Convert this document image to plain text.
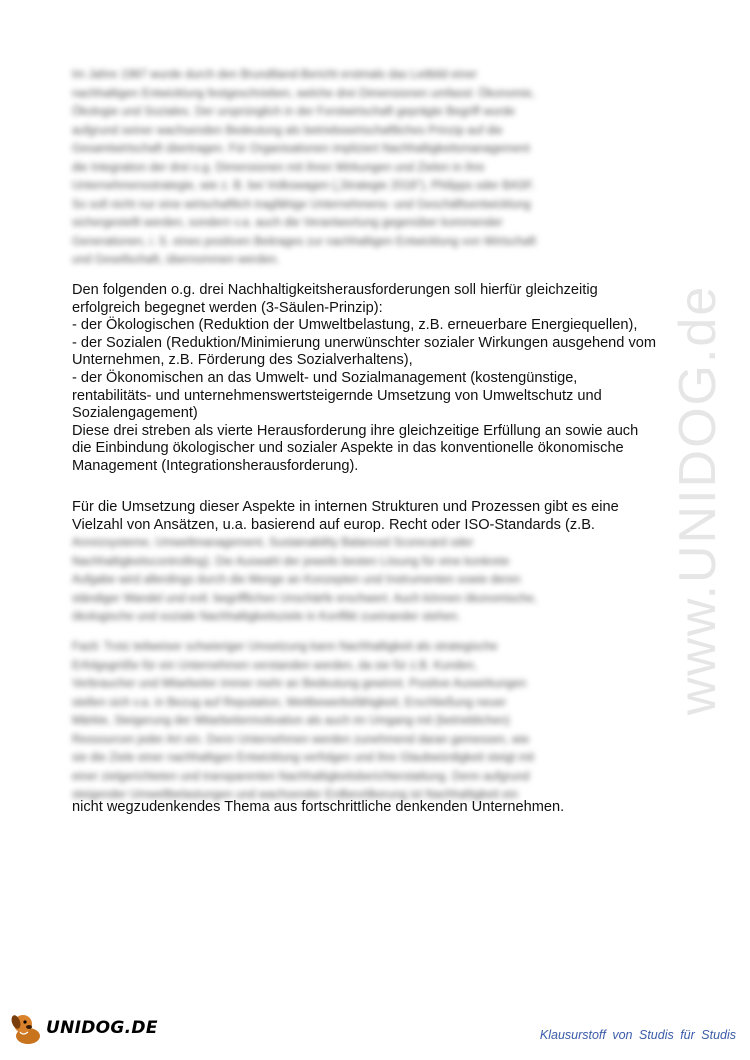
Im Jahre 1987 wurde durch den Brundtland-Bericht erstmals das Leitbild einer
nachhaltigen Entwicklung festgeschrieben, welche drei Dimensionen umfasst: Ökonomie,
Ökologie und Soziales. Der ursprünglich in der Forstwirtschaft geprägte Begriff wurde
aufgrund seiner wachsenden Bedeutung als betriebswirtschaftliches Prinzip auf die
Gesamtwirtschaft übertragen. Für Organisationen impliziert Nachhaltigkeitsmanagement
die Integration der drei o.g. Dimensionen mit ihren Wirkungen und Zielen in ihre
Unternehmensstrategie, wie z. B. bei Volkswagen („Strategie 2018"), Philipps oder BASF.
So soll nicht nur eine wirtschaftlich tragfähige Unternehmens- und Geschäftsentwicklung
sichergestellt werden, sondern v.a. auch die Verantwortung gegenüber kommender
Generationen, i. S. eines positiven Beitrages zur nachhaltigen Entwicklung von Wirtschaft
und Gesellschaft, übernommen werden.
Den folgenden o.g. drei Nachhaltigkeitsherausforderungen soll hierfür gleichzeitig
erfolgreich begegnet werden (3-Säulen-Prinzip):
- der Ökologischen (Reduktion der Umweltbelastung, z.B. erneuerbare Energiequellen),
- der Sozialen (Reduktion/Minimierung unerwünschter sozialer Wirkungen ausgehend vom
Unternehmen, z.B. Förderung des Sozialverhaltens),
- der Ökonomischen an das Umwelt- und Sozialmanagement (kostengünstige,
rentabilitäts- und unternehmenswertsteigernde Umsetzung von Umweltschutz und
Sozialengagement)
Diese drei streben als vierte Herausforderung ihre gleichzeitige Erfüllung an sowie auch
die Einbindung ökologischer und sozialer Aspekte in das konventionelle ökonomische
Management (Integrationsherausforderung).
Für die Umsetzung dieser Aspekte in internen Strukturen und Prozessen gibt es eine
Vielzahl von Ansätzen, u.a. basierend auf europ. Recht oder ISO-Standards (z.B.
Anreizsysteme, Umweltmanagement, Sustainability Balanced Scorecard oder
Nachhaltigkeitscontrolling). Die Auswahl der jeweils besten Lösung für eine konkrete
Aufgabe wird allerdings durch die Menge an Konzepten und Instrumenten sowie deren
ständiger Wandel und evtl. begrifflichen Unschärfe erschwert. Auch können ökonomische,
ökologische und soziale Nachhaltigkeitsziele in Konflikt zueinander stehen.
Fazit: Trotz teilweiser schwieriger Umsetzung kann Nachhaltigkeit als strategische
Erfolgsgröße für ein Unternehmen verstanden werden, da sie für z.B. Kunden,
Verbraucher und Mitarbeiter immer mehr an Bedeutung gewinnt. Positive Auswirkungen
stellen sich v.a. in Bezug auf Reputation, Wettbewerbsfähigkeit, Erschließung neuer
Märkte, Steigerung der Mitarbeitermotivation als auch im Umgang mit (betrieblichen)
Ressourcen jeder Art ein. Denn Unternehmen werden zunehmend daran gemessen, wie
sie die Ziele einer nachhaltigen Entwicklung verfolgen und ihre Glaubwürdigkeit steigt mit
einer zielgerichteten und transparenten Nachhaltigkeitsberichterstattung. Denn aufgrund
steigender Umweltbelastungen und wachsender Erdbevölkerung ist Nachhaltigkeit ein
nicht wegzudenkendes Thema aus fortschrittliche denkenden Unternehmen.
www.UNIDOG.de
UNIDOG.DE	Klausurstoff von Studis für Studis
